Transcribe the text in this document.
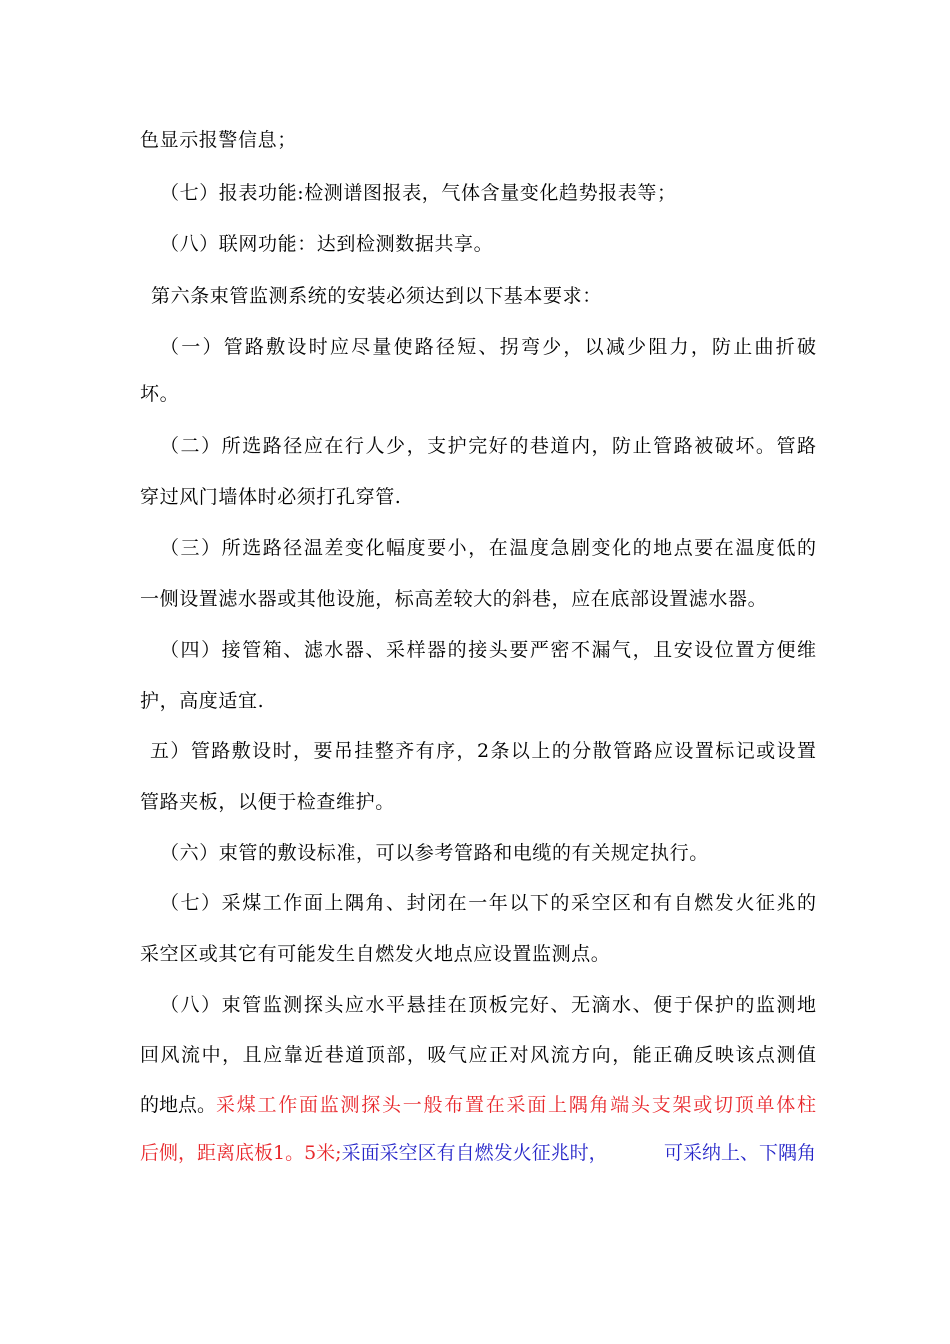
色显示报警信息；
（七）报表功能:检测谱图报表，气体含量变化趋势报表等；
（八）联网功能：达到检测数据共享。
第六条束管监测系统的安装必须达到以下基本要求：
（一）管路敷设时应尽量使路径短、拐弯少，以减少阻力，防止曲折破
坏。
（二）所选路径应在行人少，支护完好的巷道内，防止管路被破坏。管路
穿过风门墙体时必须打孔穿管.
（三）所选路径温差变化幅度要小，在温度急剧变化的地点要在温度低的
一侧设置滤水器或其他设施，标高差较大的斜巷，应在底部设置滤水器。
（四）接管箱、滤水器、采样器的接头要严密不漏气，且安设位置方便维
护，高度适宜.
五）管路敷设时，要吊挂整齐有序，2条以上的分散管路应设置标记或设置
管路夹板，以便于检查维护。
（六）束管的敷设标准，可以参考管路和电缆的有关规定执行。
（七）采煤工作面上隅角、封闭在一年以下的采空区和有自燃发火征兆的
采空区或其它有可能发生自燃发火地点应设置监测点。
（八）束管监测探头应水平悬挂在顶板完好、无滴水、便于保护的监测地
回风流中，且应靠近巷道顶部，吸气应正对风流方向，能正确反映该点测值
的地点。 采煤工作面监测探头一般布置在采面上隅角端头支架或切顶单体柱
后侧，距离底板1。5米; 采面采空区有自燃发火征兆时，	可采纳上、下隅角
